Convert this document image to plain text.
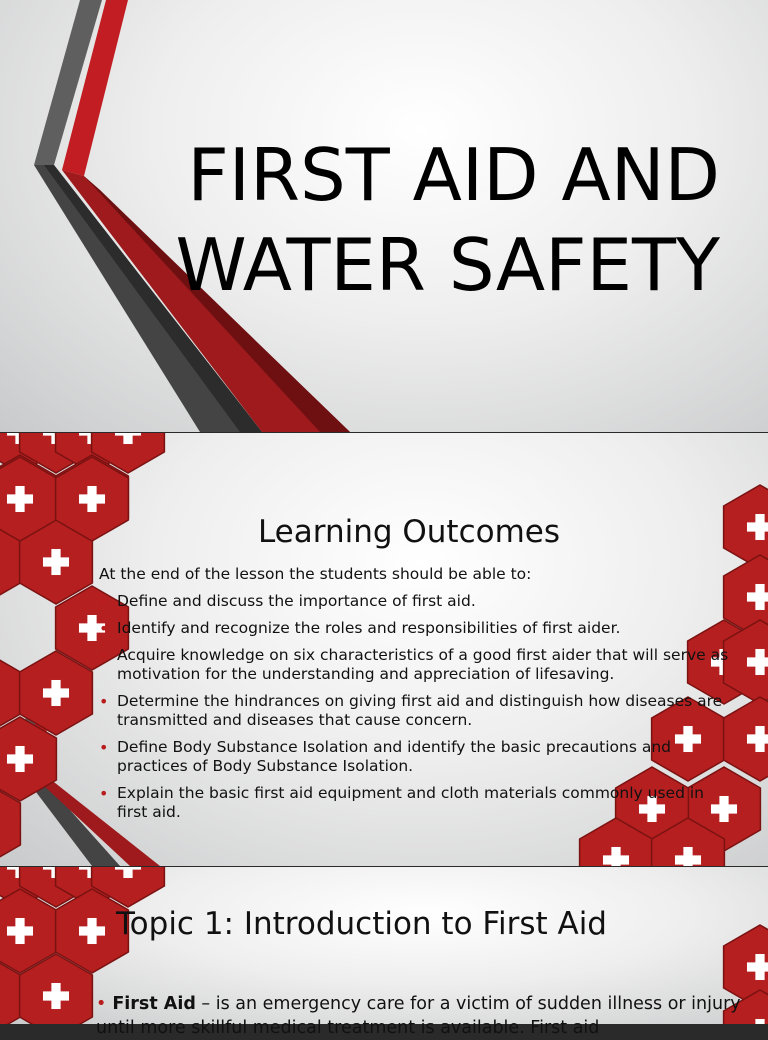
FIRST AID AND
WATER SAFETY
Learning Outcomes

At the end of the lesson the students should be able to:

• Define and discuss the importance of first aid.
• Identify and recognize the roles and responsibilities of first aider.
• Acquire knowledge on six characteristics of a good first aider that will serve as motivation for the understanding and appreciation of lifesaving.
• Determine the hindrances on giving first aid and distinguish how diseases are transmitted and diseases that cause concern.
• Define Body Substance Isolation and identify the basic precautions and practices of Body Substance Isolation.
• Explain the basic first aid equipment and cloth materials commonly used in first aid.
Topic 1: Introduction to First Aid
• First Aid – is an emergency care for a victim of sudden illness or injury until more skillful medical treatment is available. First aid
